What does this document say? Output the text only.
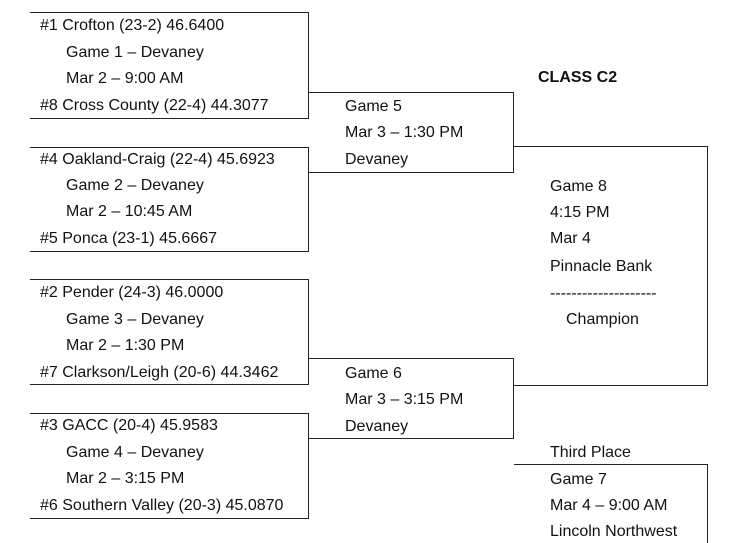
CLASS C2
#1 Crofton (23-2) 46.6400
Game 1 – Devaney
Mar 2 – 9:00 AM
#8 Cross County (22-4) 44.3077
#4 Oakland-Craig (22-4) 45.6923
Game 2 – Devaney
Mar 2 – 10:45 AM
#5 Ponca (23-1) 45.6667
#2 Pender (24-3) 46.0000
Game 3 – Devaney
Mar 2 – 1:30 PM
#7 Clarkson/Leigh (20-6) 44.3462
#3 GACC (20-4) 45.9583
Game 4 – Devaney
Mar 2 – 3:15 PM
#6 Southern Valley (20-3) 45.0870
Game 5
Mar 3 – 1:30 PM
Devaney
Game 6
Mar 3 – 3:15 PM
Devaney
Game 8
4:15 PM
Mar 4
Pinnacle Bank
--------------------
Champion
Third Place
Game 7
Mar 4 – 9:00 AM
Lincoln Northwest
